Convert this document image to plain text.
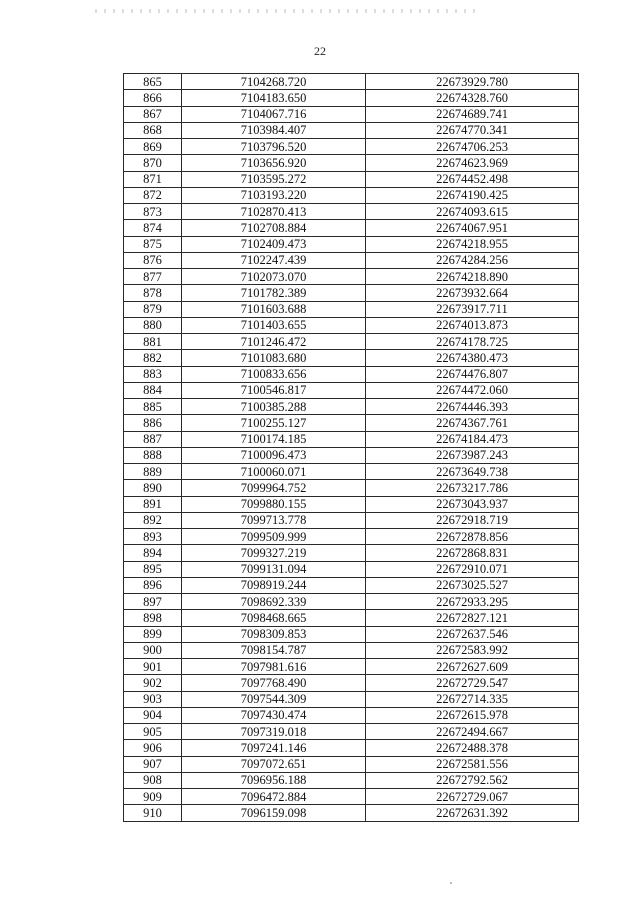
22
865	7104268.720	22673929.780
866	7104183.650	22674328.760
867	7104067.716	22674689.741
868	7103984.407	22674770.341
869	7103796.520	22674706.253
870	7103656.920	22674623.969
871	7103595.272	22674452.498
872	7103193.220	22674190.425
873	7102870.413	22674093.615
874	7102708.884	22674067.951
875	7102409.473	22674218.955
876	7102247.439	22674284.256
877	7102073.070	22674218.890
878	7101782.389	22673932.664
879	7101603.688	22673917.711
880	7101403.655	22674013.873
881	7101246.472	22674178.725
882	7101083.680	22674380.473
883	7100833.656	22674476.807
884	7100546.817	22674472.060
885	7100385.288	22674446.393
886	7100255.127	22674367.761
887	7100174.185	22674184.473
888	7100096.473	22673987.243
889	7100060.071	22673649.738
890	7099964.752	22673217.786
891	7099880.155	22673043.937
892	7099713.778	22672918.719
893	7099509.999	22672878.856
894	7099327.219	22672868.831
895	7099131.094	22672910.071
896	7098919.244	22673025.527
897	7098692.339	22672933.295
898	7098468.665	22672827.121
899	7098309.853	22672637.546
900	7098154.787	22672583.992
901	7097981.616	22672627.609
902	7097768.490	22672729.547
903	7097544.309	22672714.335
904	7097430.474	22672615.978
905	7097319.018	22672494.667
906	7097241.146	22672488.378
907	7097072.651	22672581.556
908	7096956.188	22672792.562
909	7096472.884	22672729.067
910	7096159.098	22672631.392
